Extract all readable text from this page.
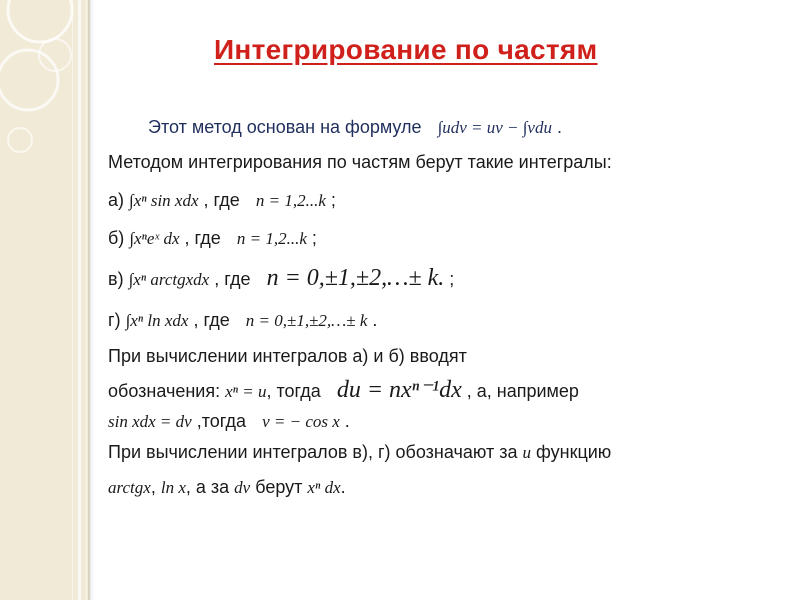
Интегрирование по частям
Этот метод основан на формуле ∫udv = uv − ∫vdu .
Методом интегрирования по частям берут такие интегралы:
а) ∫xⁿ sin xdx , где n = 1,2...k ;
б) ∫xⁿeˣ dx , где n = 1,2...k ;
в) ∫xⁿ arctgxdx , где n = 0,±1,±2,…± k. ;
г) ∫xⁿ ln xdx , где n = 0,±1,±2,…± k .
При вычислении интегралов а) и б) вводят
обозначения: xⁿ = u, тогда du = nxⁿ⁻¹dx , а, например
sin xdx = dv ,тогда v = − cos x .
При вычислении интегралов в), г) обозначают за u функцию
arctgx, ln x, а за dv берут xⁿ dx.
